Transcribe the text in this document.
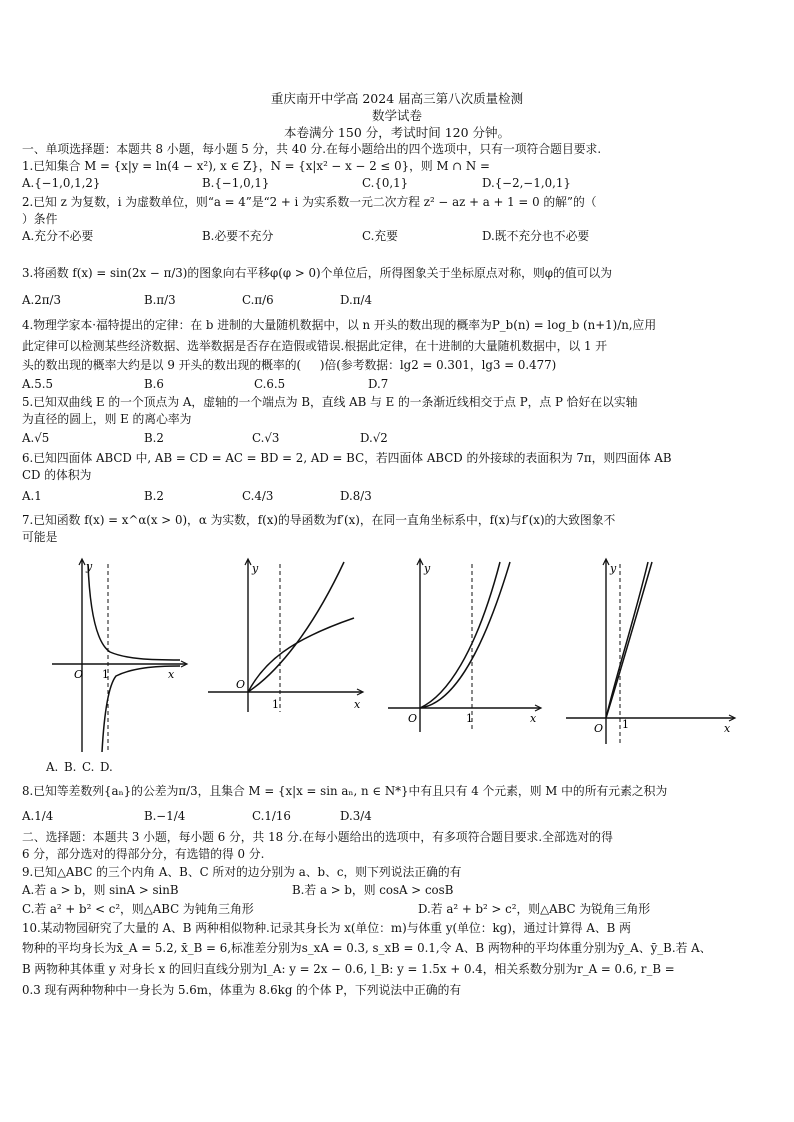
重庆南开中学高 2024 届高三第八次质量检测
数学试卷
本卷满分 150 分，考试时间 120 分钟。
一、单项选择题：本题共 8 小题，每小题 5 分，共 40 分.在每小题给出的四个选项中，只有一项符合题目要求.
1.已知集合 M = {x|y = ln(4 − x²), x ∈ Z}，N = {x|x² − x − 2 ≤ 0}，则 M ∩ N =
A.{−1,0,1,2}	B.{−1,0,1}	C.{0,1}	D.{−2,−1,0,1}
2.已知 z 为复数，i 为虚数单位，则“a = 4”是“2 + i 为实系数一元二次方程 z² − az + a + 1 = 0 的解”的（
）条件
A.充分不必要	B.必要不充分	C.充要	D.既不充分也不必要
3.将函数 f(x) = sin(2x − π/3)的图象向右平移φ(φ > 0)个单位后，所得图象关于坐标原点对称，则φ的值可以为
A.2π/3	B.π/3	C.π/6	D.π/4
4.物理学家本·福特提出的定律：在 b 进制的大量随机数据中，以 n 开头的数出现的概率为P_b(n) = log_b (n+1)/n,应用
此定律可以检测某些经济数据、选举数据是否存在造假或错误.根据此定律，在十进制的大量随机数据中，以 1 开
头的数出现的概率大约是以 9 开头的数出现的概率的(     )倍(参考数据：lg2 = 0.301，lg3 = 0.477)
A.5.5	B.6	C.6.5	D.7
5.已知双曲线 E 的一个顶点为 A，虚轴的一个端点为 B，直线 AB 与 E 的一条渐近线相交于点 P，点 P 恰好在以实轴
为直径的圆上，则 E 的离心率为
A.√5	B.2	C.√3	D.√2
6.已知四面体 ABCD 中, AB = CD = AC = BD = 2, AD = BC，若四面体 ABCD 的外接球的表面积为 7π，则四面体 AB
CD 的体积为
A.1	B.2	C.4/3	D.8/3
7.已知函数 f(x) = x^α(x > 0)，α 为实数，f(x)的导函数为f′(x)，在同一直角坐标系中，f(x)与f′(x)的大致图象不
可能是
y
O 1	x
y
O
1	x
y
O	1	x
y
O 1	x
A. B. C. D.
8.已知等差数列{aₙ}的公差为π/3，且集合 M = {x|x = sin aₙ, n ∈ N*}中有且只有 4 个元素，则 M 中的所有元素之积为
A.1/4	B.−1/4	C.1/16	D.3/4
二、选择题：本题共 3 小题，每小题 6 分，共 18 分.在每小题给出的选项中，有多项符合题目要求.全部选对的得
6 分，部分选对的得部分分，有选错的得 0 分.
9.已知△ABC 的三个内角 A、B、C 所对的边分别为 a、b、c，则下列说法正确的有
A.若 a > b，则 sinA > sinB	B.若 a > b，则 cosA > cosB
C.若 a² + b² < c²，则△ABC 为钝角三角形	D.若 a² + b² > c²，则△ABC 为锐角三角形
10.某动物园研究了大量的 A、B 两种相似物种.记录其身长为 x(单位：m)与体重 y(单位：kg)，通过计算得 A、B 两
物种的平均身长为x̄_A = 5.2, x̄_B = 6,标准差分别为s_xA = 0.3, s_xB = 0.1,令 A、B 两物种的平均体重分别为ȳ_A、ȳ_B.若 A、
B 两物种其体重 y 对身长 x 的回归直线分别为l_A: y = 2x − 0.6, l_B: y = 1.5x + 0.4，相关系数分别为r_A = 0.6, r_B =
0.3 现有两种物种中一身长为 5.6m，体重为 8.6kg 的个体 P，下列说法中正确的有
